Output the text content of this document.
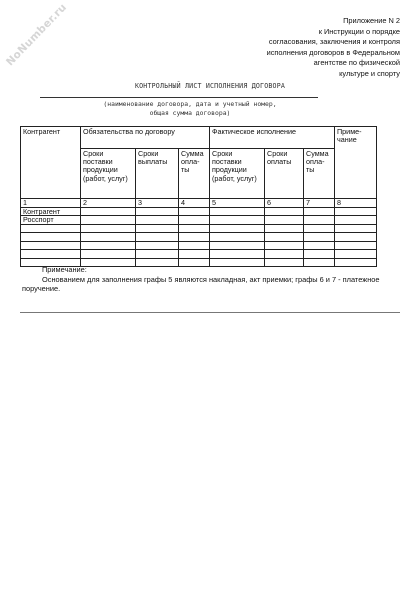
NoNumber.ru	Приложение N 2
к Инструкции о порядке
согласования, заключения и контроля
исполнения договоров в Федеральном
агентстве по физической
культуре и спорту
КОНТРОЛЬНЫЙ ЛИСТ ИСПОЛНЕНИЯ ДОГОВОРА
(наименование договора, дата и учетный номер,
общая сумма договора)
Контрагент	Обязательства по договору			Фактическое исполнение			Приме- чание
	Сроки поставки продукции (работ, услуг)	Сроки выплаты	Сумма опла- ты	Сроки поставки продукции (работ, услуг)	Сроки оплаты	Сумма опла- ты	
1	2	3	4	5	6	7	8
Контрагент							
Росспорт							

Примечание:
Основанием для заполнения графы 5 являются накладная, акт приемки; графы 6 и 7 - платежное поручение.
